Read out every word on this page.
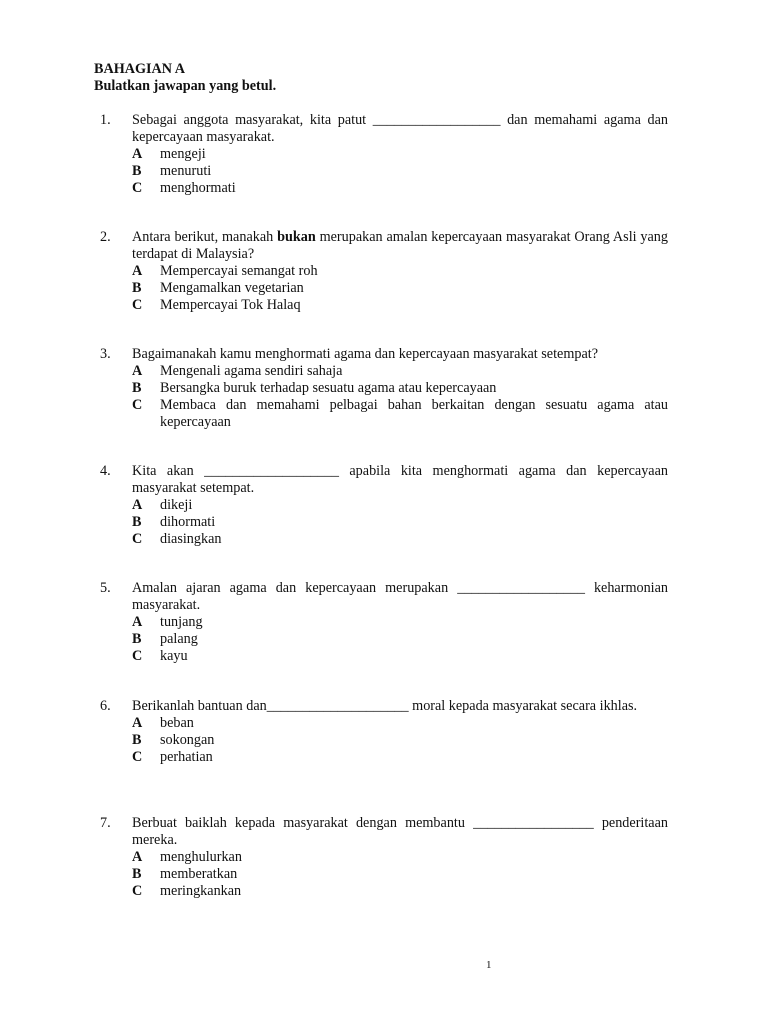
BAHAGIAN A
Bulatkan jawapan yang betul.
1. Sebagai anggota masyarakat, kita patut __________________ dan memahami agama dan kepercayaan masyarakat.
A mengeji
B menuruti
C menghormati
2. Antara berikut, manakah bukan merupakan amalan kepercayaan masyarakat Orang Asli yang terdapat di Malaysia?
A Mempercayai semangat roh
B Mengamalkan vegetarian
C Mempercayai Tok Halaq
3. Bagaimanakah kamu menghormati agama dan kepercayaan masyarakat setempat?
A Mengenali agama sendiri sahaja
B Bersangka buruk terhadap sesuatu agama atau kepercayaan
C	Membaca dan memahami pelbagai bahan berkaitan dengan sesuatu agama atau kepercayaan
4. Kita akan ___________________ apabila kita menghormati agama dan kepercayaan masyarakat setempat.
A dikeji
B dihormati
C diasingkan
5. Amalan ajaran agama dan kepercayaan merupakan __________________ keharmonian masyarakat.
A tunjang
B palang
C kayu
6. Berikanlah bantuan dan____________________ moral kepada masyarakat secara ikhlas.
A beban
B sokongan
C perhatian
7. Berbuat baiklah kepada masyarakat dengan membantu _________________ penderitaan mereka.
A menghulurkan
B memberatkan
C meringkankan
1
